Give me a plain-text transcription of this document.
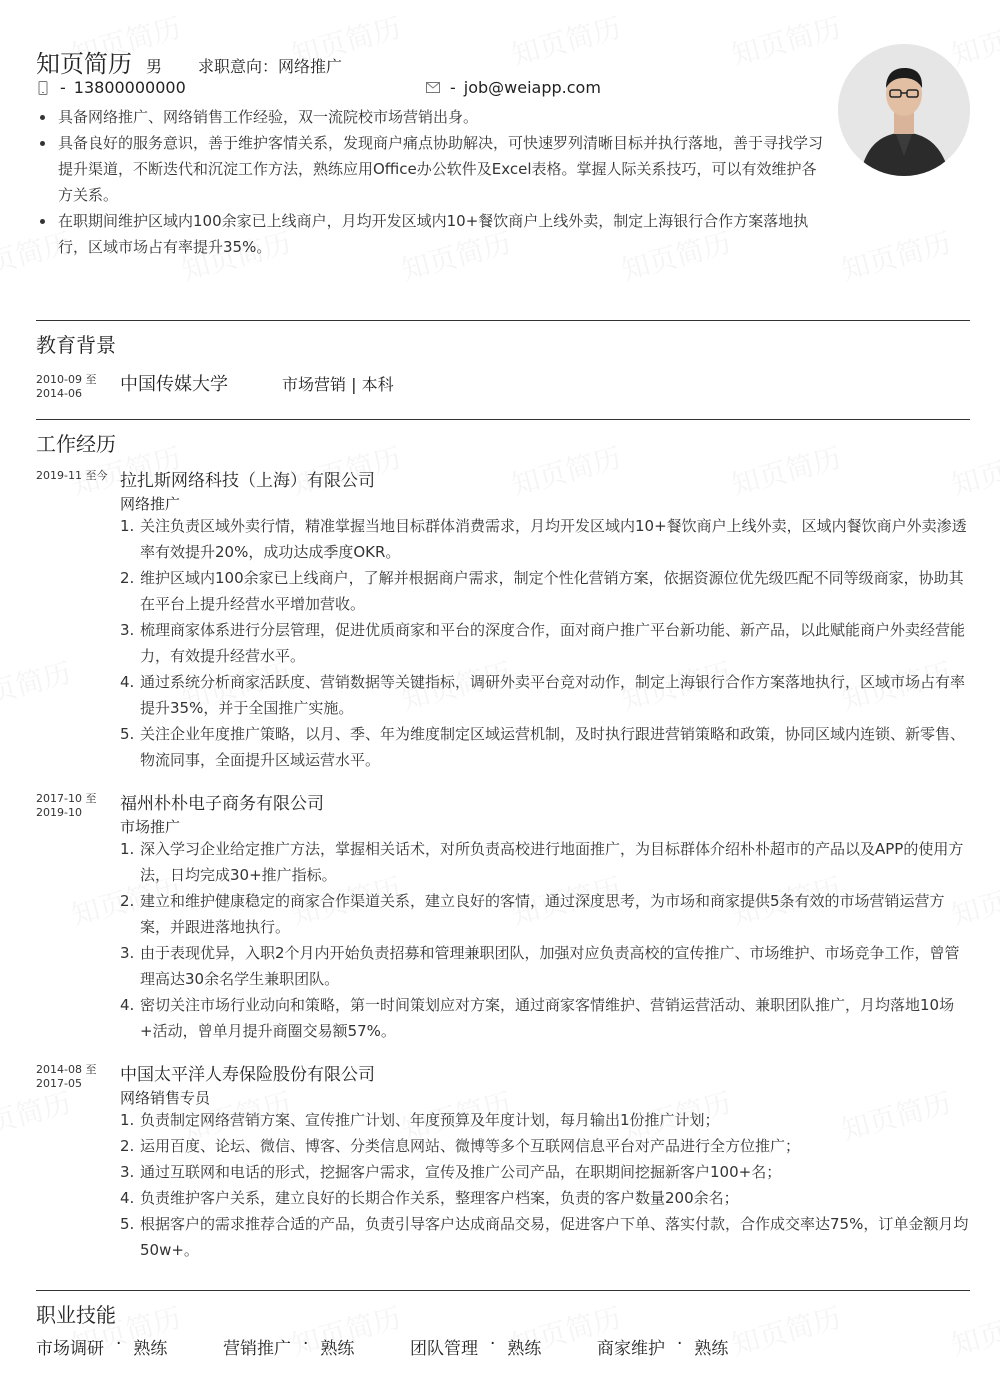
知页简历 男 求职意向：网络推广
- 13800000000	- job@weiapp.com
具备网络推广、网络销售工作经验，双一流院校市场营销出身。
具备良好的服务意识，善于维护客情关系，发现商户痛点协助解决，可快速罗列清晰目标并执行落地，善于寻找学习提升渠道，不断迭代和沉淀工作方法，熟练应用Office办公软件及Excel表格。掌握人际关系技巧，可以有效维护各方关系。
在职期间维护区域内100余家已上线商户，月均开发区域内10+餐饮商户上线外卖，制定上海银行合作方案落地执行，区域市场占有率提升35%。
教育背景
2010-09 至
2014-06	中国传媒大学	市场营销 | 本科
工作经历
2019-11 至今 拉扎斯网络科技（上海）有限公司
网络推广
1. 关注负责区域外卖行情，精准掌握当地目标群体消费需求，月均开发区域内10+餐饮商户上线外卖，区域内餐饮商户外卖渗透率有效提升20%，成功达成季度OKR。
2. 维护区域内100余家已上线商户，了解并根据商户需求，制定个性化营销方案，依据资源位优先级匹配不同等级商家，协助其在平台上提升经营水平增加营收。
3. 梳理商家体系进行分层管理，促进优质商家和平台的深度合作，面对商户推广平台新功能、新产品，以此赋能商户外卖经营能力，有效提升经营水平。
4. 通过系统分析商家活跃度、营销数据等关键指标，调研外卖平台竞对动作，制定上海银行合作方案落地执行，区域市场占有率提升35%，并于全国推广实施。
5. 关注企业年度推广策略，以月、季、年为维度制定区域运营机制，及时执行跟进营销策略和政策，协同区域内连锁、新零售、物流同事，全面提升区域运营水平。
2017-10 至
2019-10	福州朴朴电子商务有限公司
市场推广
1. 深入学习企业给定推广方法，掌握相关话术，对所负责高校进行地面推广，为目标群体介绍朴朴超市的产品以及APP的使用方法，日均完成30+推广指标。
2. 建立和维护健康稳定的商家合作渠道关系，建立良好的客情，通过深度思考，为市场和商家提供5条有效的市场营销运营方案，并跟进落地执行。
3. 由于表现优异，入职2个月内开始负责招募和管理兼职团队，加强对应负责高校的宣传推广、市场维护、市场竞争工作，曾管理高达30余名学生兼职团队。
4. 密切关注市场行业动向和策略，第一时间策划应对方案，通过商家客情维护、营销运营活动、兼职团队推广，月均落地10场+活动，曾单月提升商圈交易额57%。
2014-08 至
2017-05	中国太平洋人寿保险股份有限公司
网络销售专员
1. 负责制定网络营销方案、宣传推广计划、年度预算及年度计划，每月输出1份推广计划；
2. 运用百度、论坛、微信、博客、分类信息网站、微博等多个互联网信息平台对产品进行全方位推广；
3. 通过互联网和电话的形式，挖掘客户需求，宣传及推广公司产品，在职期间挖掘新客户100+名；
4. 负责维护客户关系，建立良好的长期合作关系，整理客户档案，负责的客户数量200余名；
5. 根据客户的需求推荐合适的产品，负责引导客户达成商品交易，促进客户下单、落实付款，合作成交率达75%，订单金额月均50w+。
职业技能
市场调研 · 熟练	营销推广 · 熟练	团队管理 · 熟练	商家维护 · 熟练
